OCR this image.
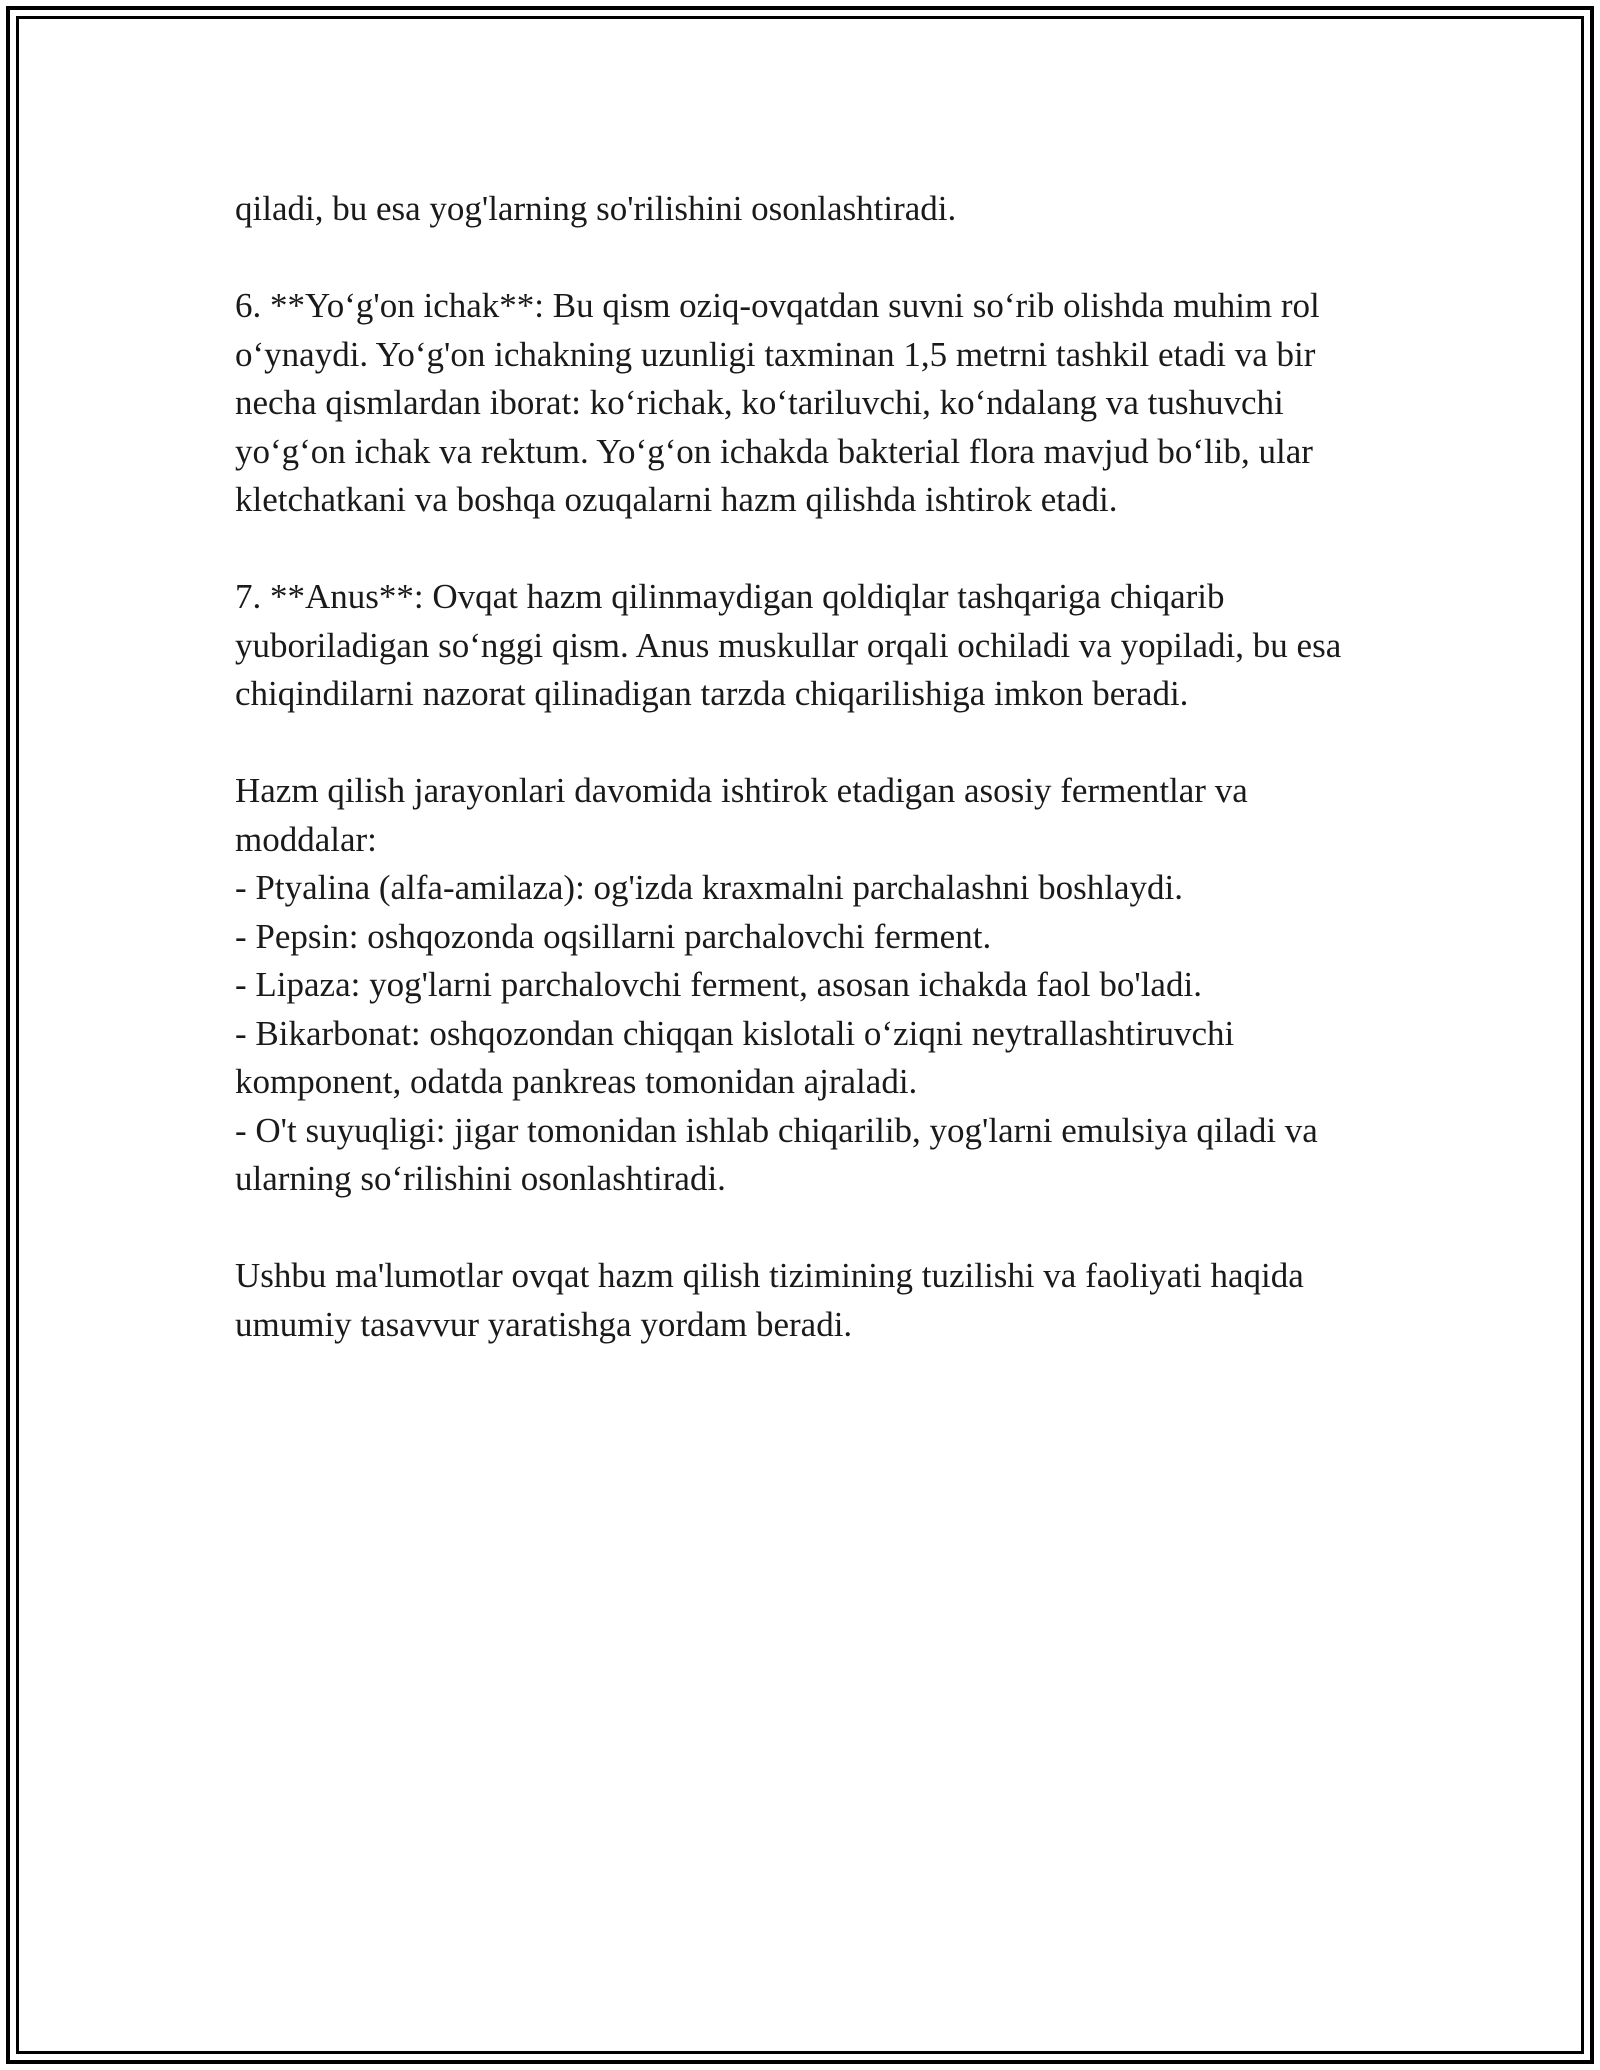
qiladi, bu esa yog'larning so'rilishini osonlashtiradi.

6. **Yo‘g'on ichak**: Bu qism oziq-ovqatdan suvni so‘rib olishda muhim rol o‘ynaydi. Yo‘g'on ichakning uzunligi taxminan 1,5 metrni tashkil etadi va bir necha qismlardan iborat: ko‘richak, ko‘tariluvchi, ko‘ndalang va tushuvchi yo‘g‘on ichak va rektum. Yo‘g‘on ichakda bakterial flora mavjud bo‘lib, ular kletchatkani va boshqa ozuqalarni hazm qilishda ishtirok etadi.

7. **Anus**: Ovqat hazm qilinmaydigan qoldiqlar tashqariga chiqarib yuboriladigan so‘nggi qism. Anus muskullar orqali ochiladi va yopiladi, bu esa chiqindilarni nazorat qilinadigan tarzda chiqarilishiga imkon beradi.

Hazm qilish jarayonlari davomida ishtirok etadigan asosiy fermentlar va moddalar:

- Ptyalina (alfa-amilaza): og'izda kraxmalni parchalashni boshlaydi.
- Pepsin: oshqozonda oqsillarni parchalovchi ferment.
- Lipaza: yog'larni parchalovchi ferment, asosan ichakda faol bo'ladi.
- Bikarbonat: oshqozondan chiqqan kislotali o‘ziqni neytrallashtiruvchi komponent, odatda pankreas tomonidan ajraladi.
- O't suyuqligi: jigar tomonidan ishlab chiqarilib, yog'larni emulsiya qiladi va ularning so‘rilishini osonlashtiradi.

Ushbu ma'lumotlar ovqat hazm qilish tizimining tuzilishi va faoliyati haqida umumiy tasavvur yaratishga yordam beradi.
